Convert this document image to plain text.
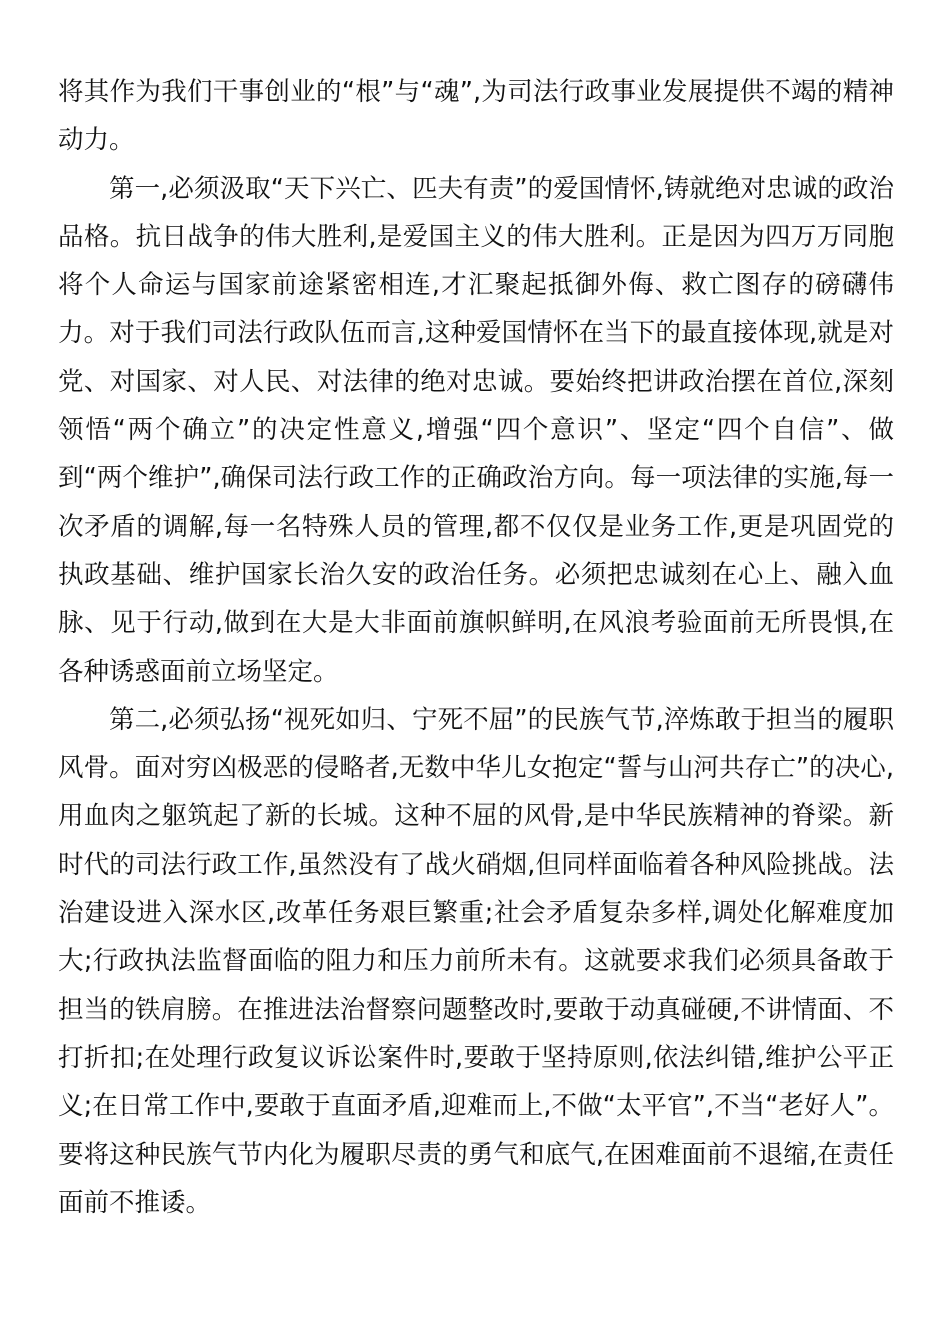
将其作为我们干事创业的“根”与“魂”,为司法行政事业发展提供不竭的精神动力。

第一,必须汲取“天下兴亡、匹夫有责”的爱国情怀,铸就绝对忠诚的政治品格。抗日战争的伟大胜利,是爱国主义的伟大胜利。正是因为四万万同胞将个人命运与国家前途紧密相连,才汇聚起抵御外侮、救亡图存的磅礴伟力。对于我们司法行政队伍而言,这种爱国情怀在当下的最直接体现,就是对党、对国家、对人民、对法律的绝对忠诚。要始终把讲政治摆在首位,深刻领悟“两个确立”的决定性意义,增强“四个意识”、坚定“四个自信”、做到“两个维护”,确保司法行政工作的正确政治方向。每一项法律的实施,每一次矛盾的调解,每一名特殊人员的管理,都不仅仅是业务工作,更是巩固党的执政基础、维护国家长治久安的政治任务。必须把忠诚刻在心上、融入血脉、见于行动,做到在大是大非面前旗帜鲜明,在风浪考验面前无所畏惧,在各种诱惑面前立场坚定。

第二,必须弘扬“视死如归、宁死不屈”的民族气节,淬炼敢于担当的履职风骨。面对穷凶极恶的侵略者,无数中华儿女抱定“誓与山河共存亡”的决心,用血肉之躯筑起了新的长城。这种不屈的风骨,是中华民族精神的脊梁。新时代的司法行政工作,虽然没有了战火硝烟,但同样面临着各种风险挑战。法治建设进入深水区,改革任务艰巨繁重;社会矛盾复杂多样,调处化解难度加大;行政执法监督面临的阻力和压力前所未有。这就要求我们必须具备敢于担当的铁肩膀。在推进法治督察问题整改时,要敢于动真碰硬,不讲情面、不打折扣;在处理行政复议诉讼案件时,要敢于坚持原则,依法纠错,维护公平正义;在日常工作中,要敢于直面矛盾,迎难而上,不做“太平官”,不当“老好人”。要将这种民族气节内化为履职尽责的勇气和底气,在困难面前不退缩,在责任面前不推诿。
